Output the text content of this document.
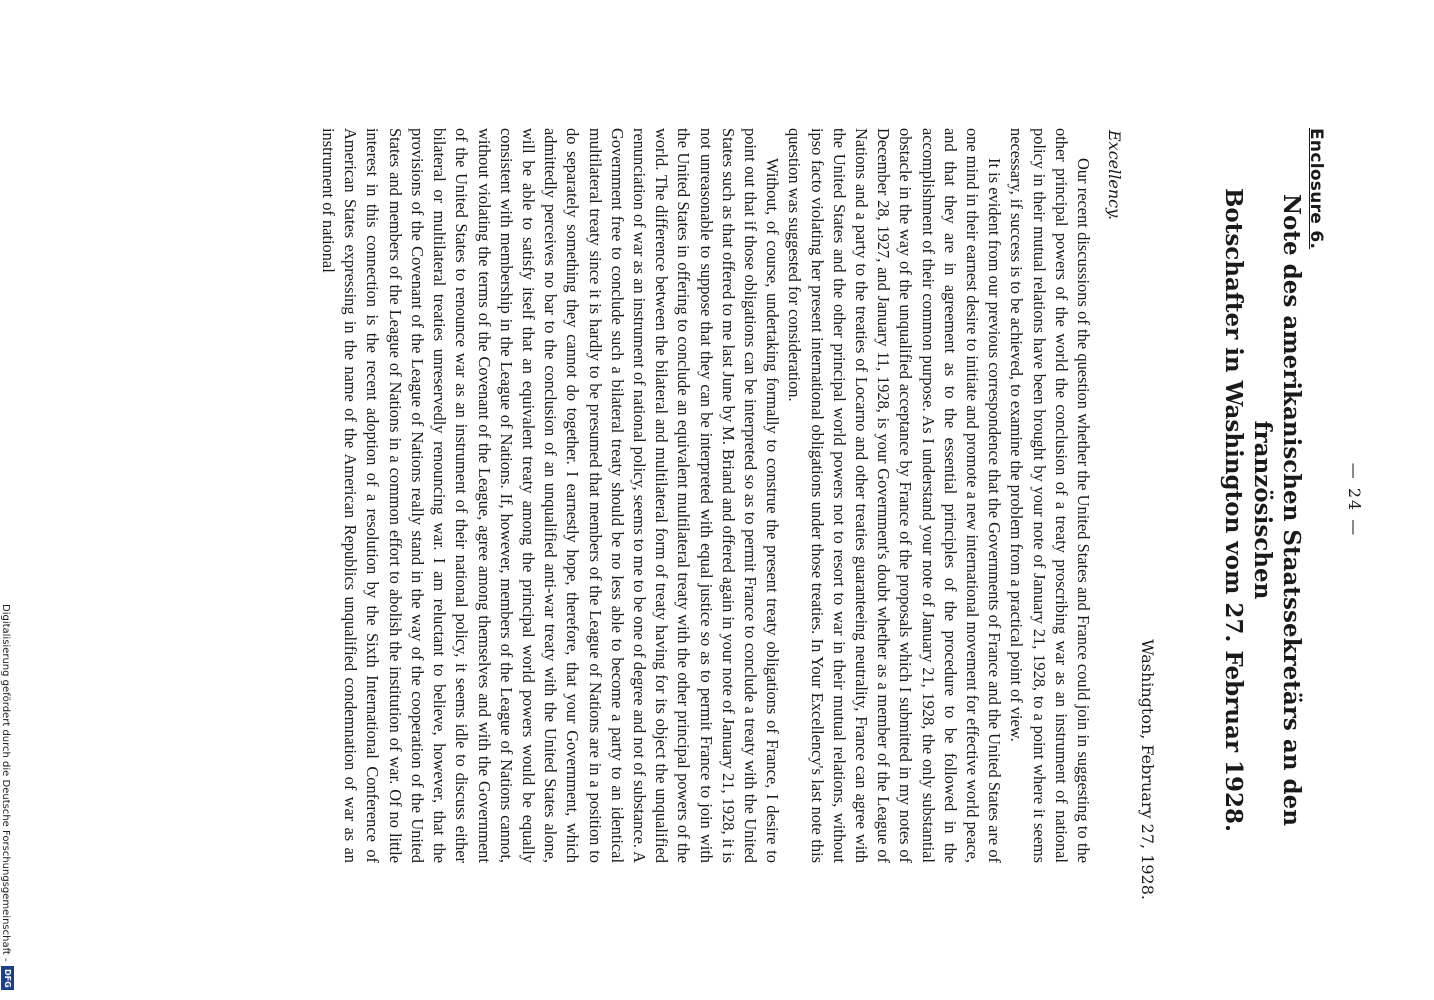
Enclosure 6.
— 24 —
Note des amerikanischen Staatssekretärs an den französischen
Botschafter in Washington vom 27. Februar 1928.
Washington, February 27, 1928.
Excellency.

Our recent discussions of the question whether the United States and France could join in suggesting to the other principal powers of the world the conclusion of a treaty proscribing war as an instrument of national policy in their mutual relations have been brought by your note of January 21, 1928, to a point where it seems necessary, if success is to be achieved, to examine the problem from a practical point of view.

It is evident from our previous correspondence that the Governments of France and the United States are of one mind in their earnest desire to initiate and promote a new international movement for effective world peace, and that they are in agreement as to the essential principles of the procedure to be followed in the accomplishment of their common purpose. As I understand your note of January 21, 1928, the only substantial obstacle in the way of the unqualified acceptance by France of the proposals which I submitted in my notes of December 28, 1927, and January 11, 1928, is your Government's doubt whether as a member of the League of Nations and a party to the treaties of Locarno and other treaties guaranteeing neutrality, France can agree with the United States and the other principal world powers not to resort to war in their mutual relations, without ipso facto violating her present international obligations under those treaties. In Your Excellency's last note this question was suggested for consideration.

Without, of course, undertaking formally to construe the present treaty obligations of France, I desire to point out that if those obligations can be interpreted so as to permit France to conclude a treaty with the United States such as that offered to me last June by M. Briand and offered again in your note of January 21, 1928, it is not unreasonable to suppose that they can be interpreted with equal justice so as to permit France to join with the United States in offering to conclude an equivalent multilateral treaty with the other principal powers of the world. The difference between the bilateral and multilateral form of treaty having for its object the unqualified renunciation of war as an instrument of national policy, seems to me to be one of degree and not of substance. A Government free to conclude such a bilateral treaty should be no less able to become a party to an identical multilateral treaty since it is hardly to be presumed that members of the League of Nations are in a position to do separately something they cannot do together. I earnestly hope, therefore, that your Government, which admittedly perceives no bar to the conclusion of an unqualified anti-war treaty with the United States alone, will be able to satisfy itself that an equivalent treaty among the principal world powers would be equally consistent with membership in the League of Nations. If, however, members of the League of Nations cannot, without violating the terms of the Covenant of the League, agree among themselves and with the Government of the United States to renounce war as an instrument of their national policy, it seems idle to discuss either bilateral or multilateral treaties unreservedly renouncing war. I am reluctant to believe, however, that the provisions of the Covenant of the League of Nations really stand in the way of the cooperation of the United States and members of the League of Nations in a common effort to abolish the institution of war. Of no little interest in this connection is the recent adoption of a resolution by the Sixth International Conference of American States expressing in the name of the American Republics unqualified condemnation of war as an instrument of national

Digitalisierung gefördert durch die Deutsche Forschungsgemeinschaft -
DFG
